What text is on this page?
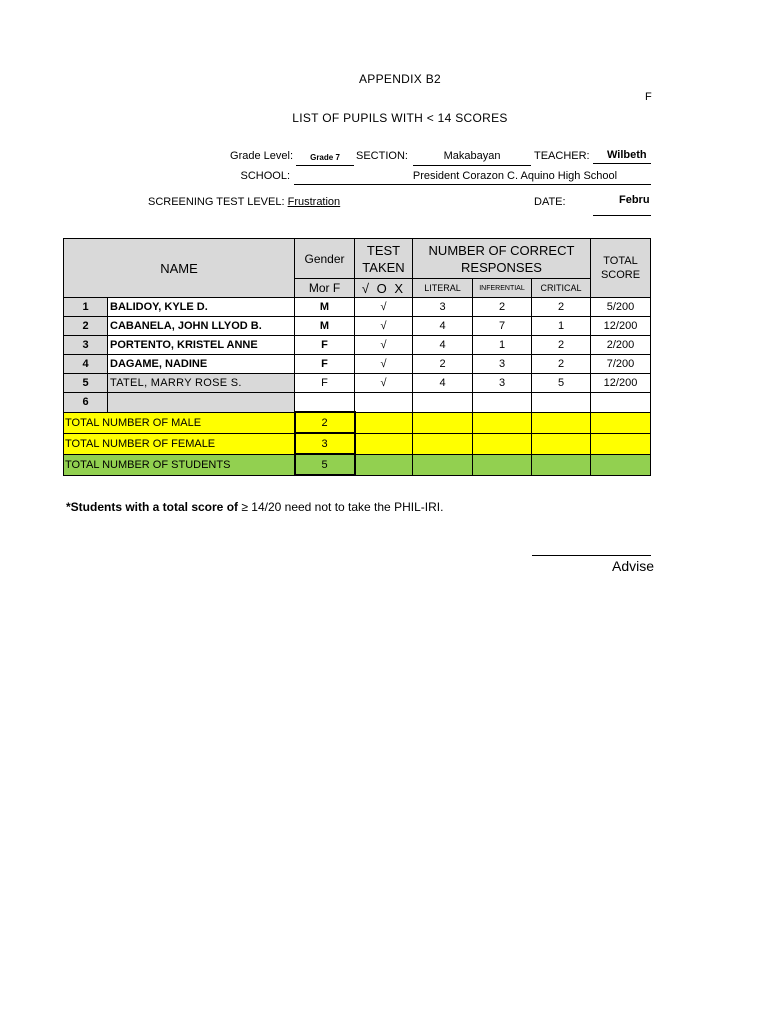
APPENDIX B2
F
LIST OF PUPILS WITH < 14 SCORES
Grade Level:	Grade 7	SECTION:	Makabayan	TEACHER:	Wilbeth
SCHOOL:	President Corazon C. Aquino High School
SCREENING TEST LEVEL: Frustration	DATE:	Febru
NAME		Gender	TEST TAKEN	NUMBER OF CORRECT RESPONSES			TOTAL SCORE
		Mor F	√ O X	LITERAL	INFERENTIAL	CRITICAL	
1	BALIDOY, KYLE D.	M	√	3	2	2	5/200
2	CABANELA, JOHN LLYOD B.	M	√	4	7	1	12/200
3	PORTENTO, KRISTEL ANNE	F	√	4	1	2	2/200
4	DAGAME, NADINE	F	√	2	3	2	7/200
5	TATEL, MARRY ROSE S.	F	√	4	3	5	12/200
6							
TOTAL NUMBER OF MALE		2					
TOTAL NUMBER OF FEMALE		3					
TOTAL NUMBER OF STUDENTS		5					
*Students with a total score of ≥ 14/20 need not to take the PHIL-IRI.
Advise
